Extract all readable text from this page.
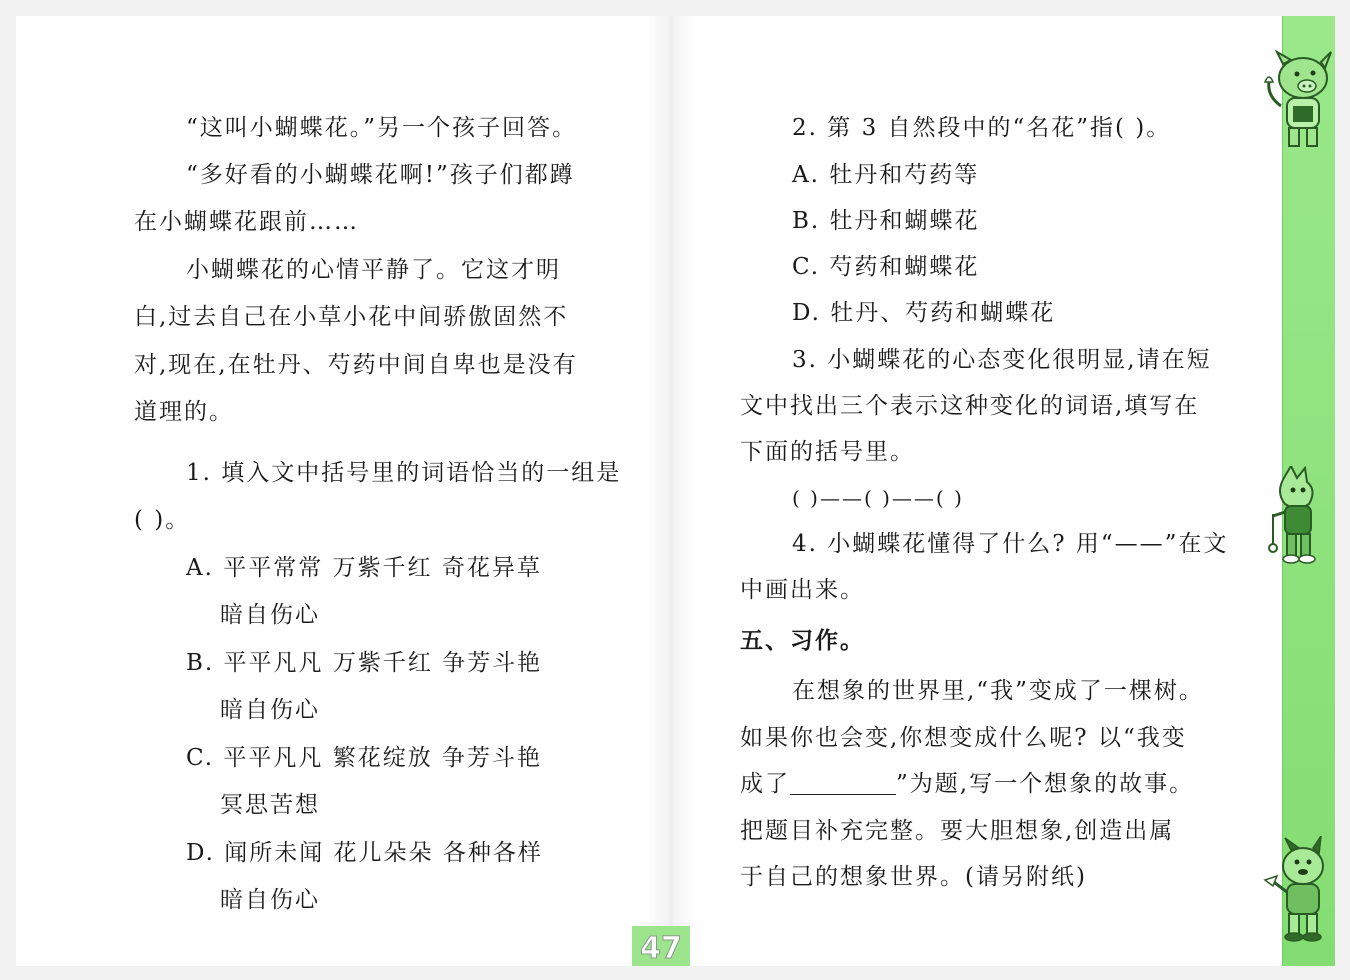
“这叫小蝴蝶花。”另一个孩子回答。
“多好看的小蝴蝶花啊!”孩子们都蹲
在小蝴蝶花跟前……
小蝴蝶花的心情平静了。它这才明
白,过去自己在小草小花中间骄傲固然不
对,现在,在牡丹、芍药中间自卑也是没有
道理的。
1. 填入文中括号里的词语恰当的一组是
( )。
A. 平平常常 万紫千红 奇花异草
暗自伤心
B. 平平凡凡 万紫千红 争芳斗艳
暗自伤心
C. 平平凡凡 繁花绽放 争芳斗艳
冥思苦想
D. 闻所未闻 花儿朵朵 各种各样
暗自伤心
2. 第 3 自然段中的“名花”指( )。
A. 牡丹和芍药等
B. 牡丹和蝴蝶花
C. 芍药和蝴蝶花
D. 牡丹、芍药和蝴蝶花
3. 小蝴蝶花的心态变化很明显,请在短
文中找出三个表示这种变化的词语,填写在
下面的括号里。
( )——( )——( )
4. 小蝴蝶花懂得了什么? 用“——”在文
中画出来。
五、习作。
在想象的世界里,“我”变成了一棵树。
如果你也会变,你想变成什么呢? 以“我变
成了	”为题,写一个想象的故事。
把题目补充完整。要大胆想象,创造出属
于自己的想象世界。(请另附纸)
47
